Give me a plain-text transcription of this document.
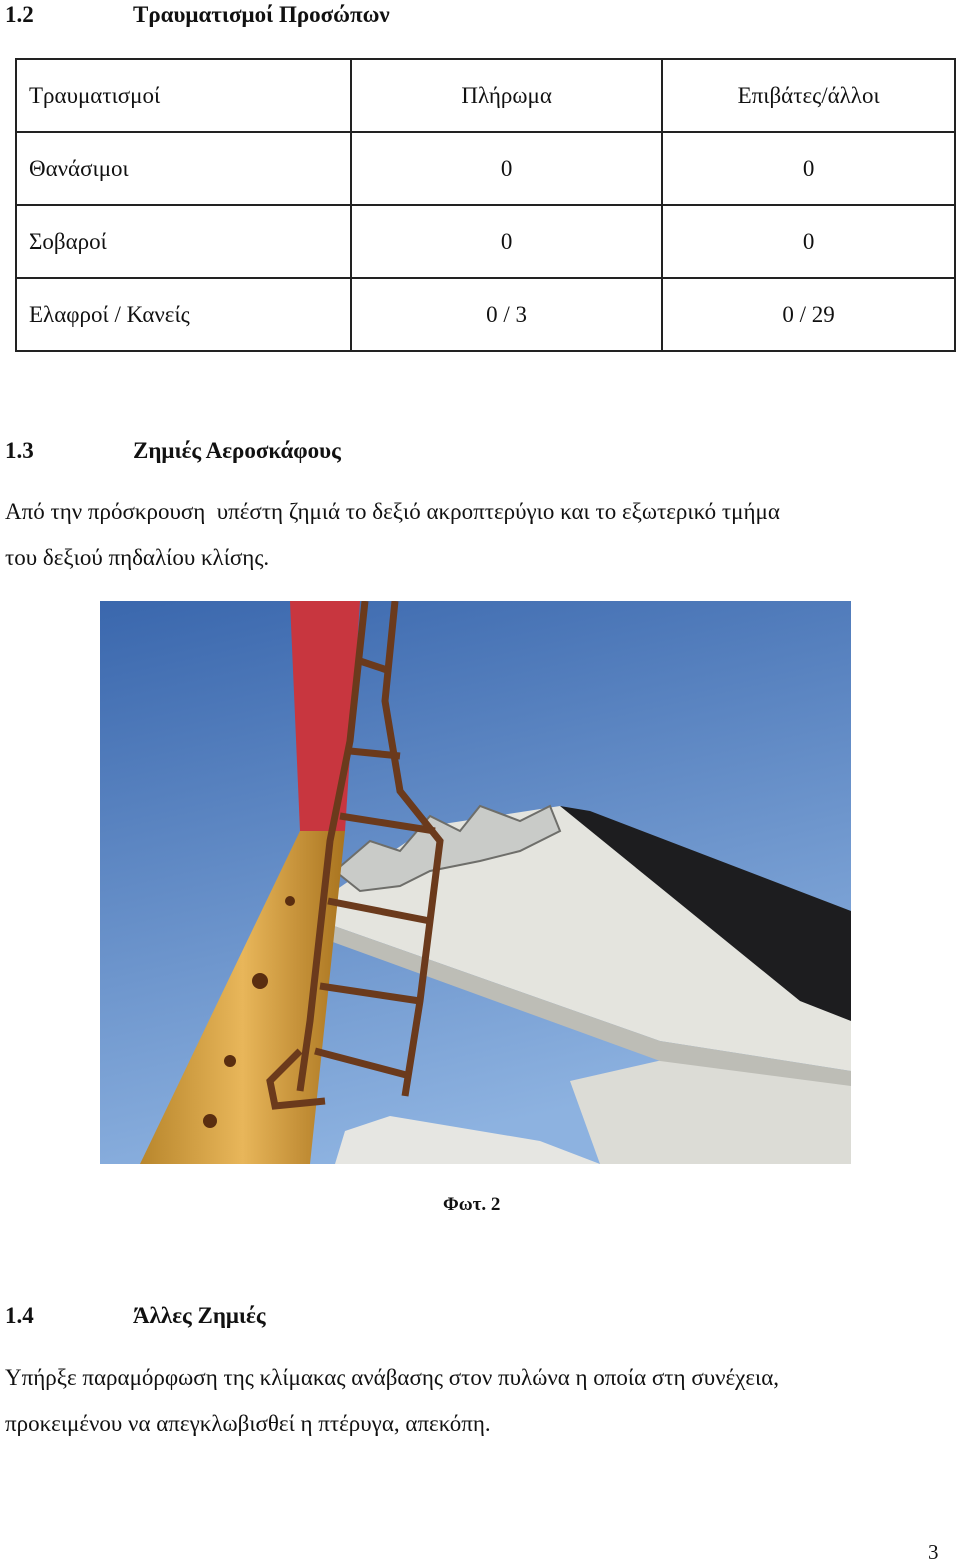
1.2	Τραυματισμοί Προσώπων
Τραυματισμοί	Πλήρωμα	Επιβάτες/άλλοι
Θανάσιμοι	0	0
Σοβαροί	0	0
Ελαφροί / Κανείς	0 / 3	0 / 29
1.3	Ζημιές Αεροσκάφους
Από την πρόσκρουση  υπέστη ζημιά το δεξιό ακροπτερύγιο και το εξωτερικό τμήμα
του δεξιού πηδαλίου κλίσης.
Φωτ. 2
1.4	Άλλες Ζημιές
Υπήρξε παραμόρφωση της κλίμακας ανάβασης στον πυλώνα η οποία στη συνέχεια,
προκειμένου να απεγκλωβισθεί η πτέρυγα, απεκόπη.
3
